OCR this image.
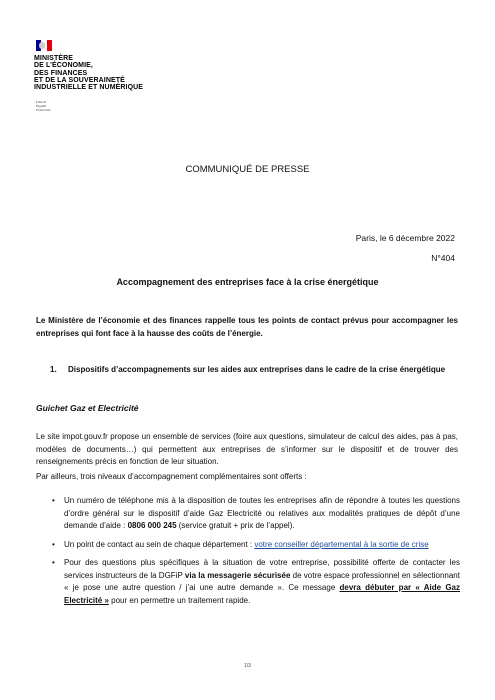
MINISTÈRE
DE L’ÉCONOMIE,
DES FINANCES
ET DE LA SOUVERAINETÉ
INDUSTRIELLE ET NUMÉRIQUE
Liberté
Égalité
Fraternité
COMMUNIQUÉ DE PRESSE
Paris, le 6 décembre 2022
N°404
Accompagnement des entreprises face à la crise énergétique
Le Ministère de l’économie et des finances rappelle tous les points de contact prévus pour accompagner les entreprises qui font face à la hausse des coûts de l’énergie.
1. Dispositifs d’accompagnements sur les aides aux entreprises dans le cadre de la crise énergétique
Guichet Gaz et Electricité
Le site impot.gouv.fr propose un ensemble de services (foire aux questions, simulateur de calcul des aides, pas à pas, modèles de documents…) qui permettent aux entreprises de s’informer sur le dispositif et de trouver des renseignements précis en fonction de leur situation.
Par ailleurs, trois niveaux d’accompagnement complémentaires sont offerts :
• Un numéro de téléphone mis à la disposition de toutes les entreprises afin de répondre à toutes les questions d’ordre général sur le dispositif d’aide Gaz Electricité ou relatives aux modalités pratiques de dépôt d’une demande d’aide : 0806 000 245 (service gratuit + prix de l’appel).
• Un point de contact au sein de chaque département : votre conseiller départemental à la sortie de crise
• Pour des questions plus spécifiques à la situation de votre entreprise, possibilité offerte de contacter les services instructeurs de la DGFiP via la messagerie sécurisée de votre espace professionnel en sélectionnant « je pose une autre question / j’ai une autre demande ». Ce message devra débuter par « Aide Gaz Electricité » pour en permettre un traitement rapide.
1/3
